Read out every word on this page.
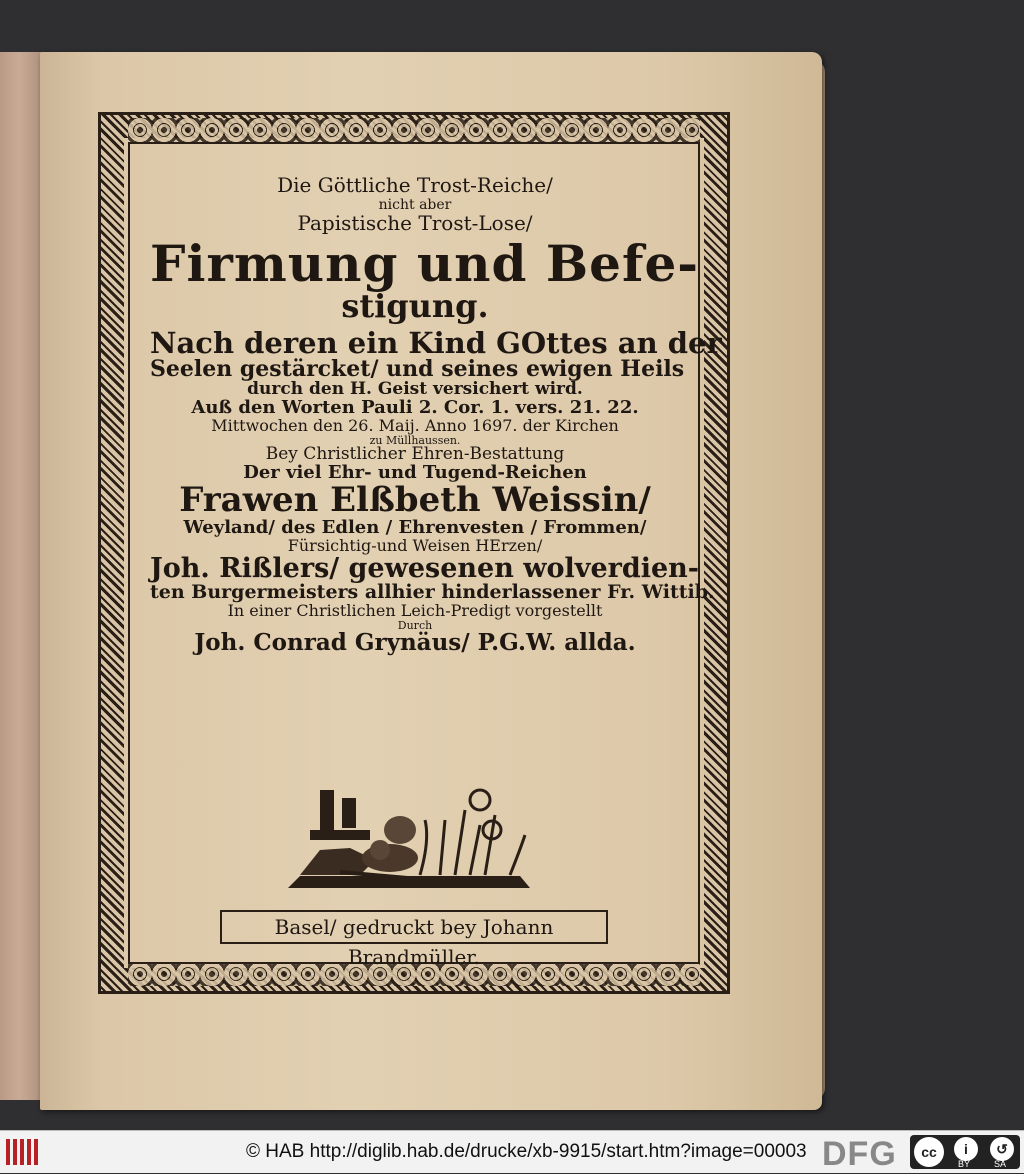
Die Göttliche Trost-Reiche/
nicht aber
Papistische Trost-Lose/
Firmung und Befe-
stigung.
Nach deren ein Kind GOttes an der
Seelen gestärcket/ und seines ewigen Heils
durch den H. Geist versichert wird.
Auß den Worten Pauli 2. Cor. 1. vers. 21. 22.
Mittwochen den 26. Maij. Anno 1697. der Kirchen
zu Müllhaussen.
Bey Christlicher Ehren-Bestattung
Der viel Ehr- und Tugend-Reichen
Frawen Elßbeth Weissin/
Weyland/ des Edlen / Ehrenvesten / Frommen/
Fürsichtig-und Weisen HErzen/
Joh. Rißlers/ gewesenen wolverdien-
ten Burgermeisters allhier hinderlassener Fr. Wittib.
In einer Christlichen Leich-Predigt vorgestellt
Durch
Joh. Conrad Grynäus/ P.G.W. allda.
Basel/ gedruckt bey Johann Brandmüller.
© HAB http://diglib.hab.de/drucke/xb-9915/start.htm?image=00003 DFG	cc	i	↺
BY	SA
